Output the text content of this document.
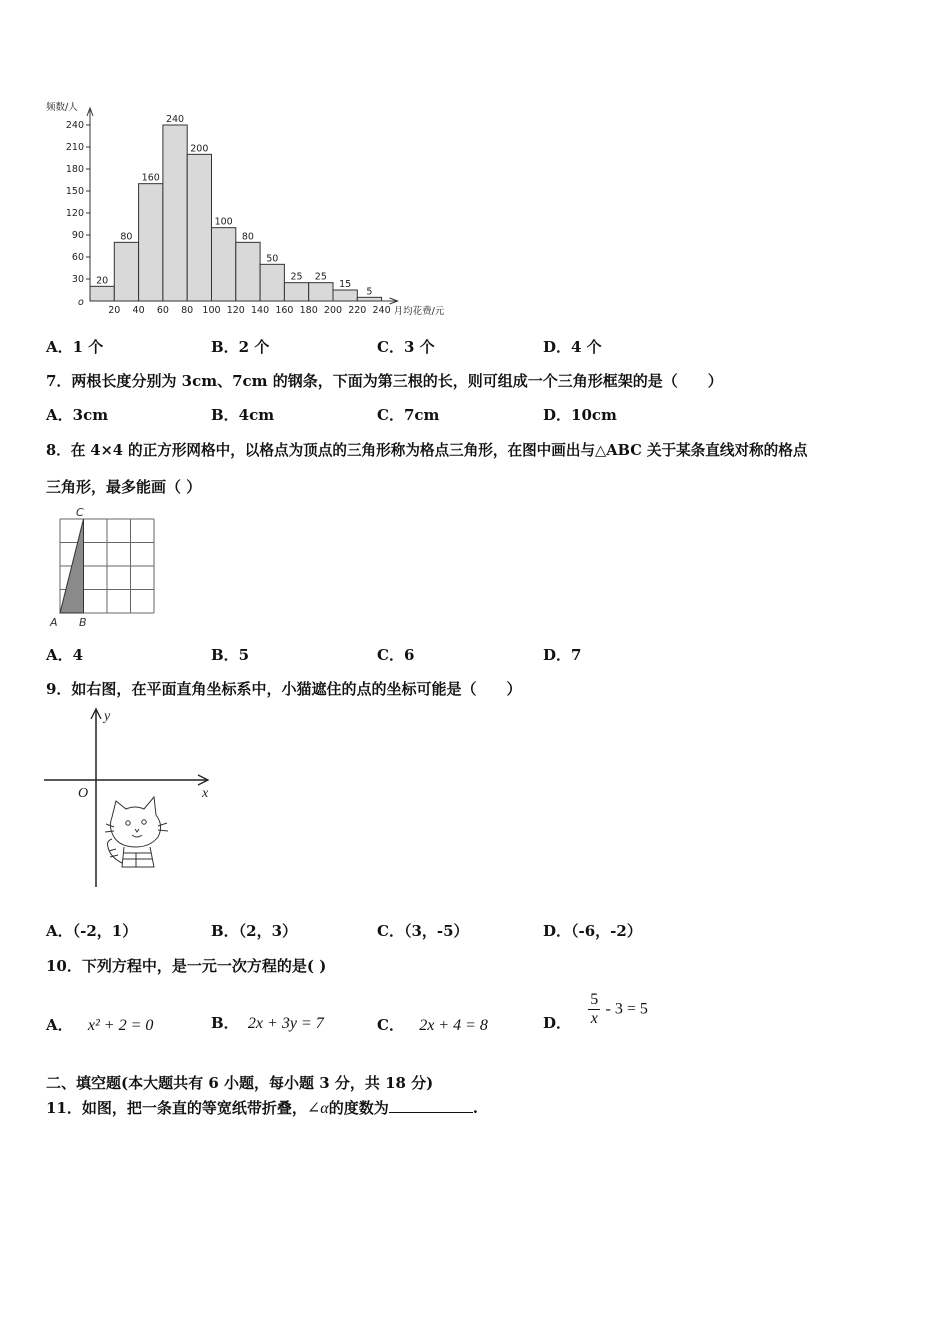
20
80
160
240
200
100
80
50
25 25
15
5
30
60
90
120
150
180
210
240
20 40 60 80 100 120 140 160 180 200 220 240
频数/人
月均花费/元
o
A．1 个	B．2 个	C．3 个	D．4 个
7．两根长度分别为 3cm、7cm 的钢条，下面为第三根的长，则可组成一个三角形框架的是（　　）
A．3cm	B．4cm	C．7cm	D．10cm
8．在 4×4 的正方形网格中，以格点为顶点的三角形称为格点三角形，在图中画出与△ABC 关于某条直线对称的格点
三角形，最多能画（ ）
A B
C
A．4	B．5	C．6	D．7
9．如右图，在平面直角坐标系中，小猫遮住的点的坐标可能是（　　）
y
x
O
A．（-2，1）	B．（2，3）	C．（3，-5）	D．（-6，-2）
10．下列方程中，是一元一次方程的是( )
A． x² + 2 = 0	B． 2x + 3y = 7	C． 2x + 4 = 8	D． $\frac{5}{x} - 3 = 5$
二、填空题(本大题共有 6 小题，每小题 3 分，共 18 分)
11．如图，把一条直的等宽纸带折叠，∠α的度数为	.
